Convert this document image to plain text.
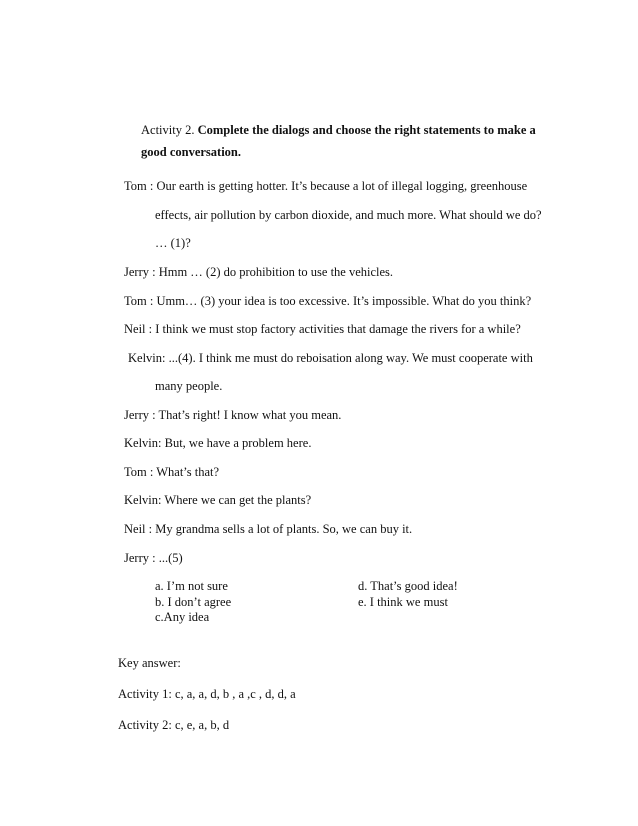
Activity 2. Complete the dialogs and choose the right statements to make a
good conversation.
Tom : Our earth is getting hotter. It’s because a lot of illegal logging, greenhouse
effects, air pollution by carbon dioxide, and much more. What should we do?
… (1)?
Jerry : Hmm … (2) do prohibition to use the vehicles.
Tom : Umm… (3) your idea is too excessive. It’s impossible. What do you think?
Neil : I think we must stop factory activities that damage the rivers for a while?
Kelvin: ...(4). I think me must do reboisation along way. We must cooperate with
many people.
Jerry : That’s right! I know what you mean.
Kelvin: But, we have a problem here.
Tom : What’s that?
Kelvin: Where we can get the plants?
Neil : My grandma sells a lot of plants. So, we can buy it.
Jerry : ...(5)
a. I’m not sure
b. I don’t agree
c.Any idea
d. That’s good idea!
e. I think we must
Key answer:
Activity 1: c, a, a, d, b , a ,c , d, d, a
Activity 2: c, e, a, b, d
